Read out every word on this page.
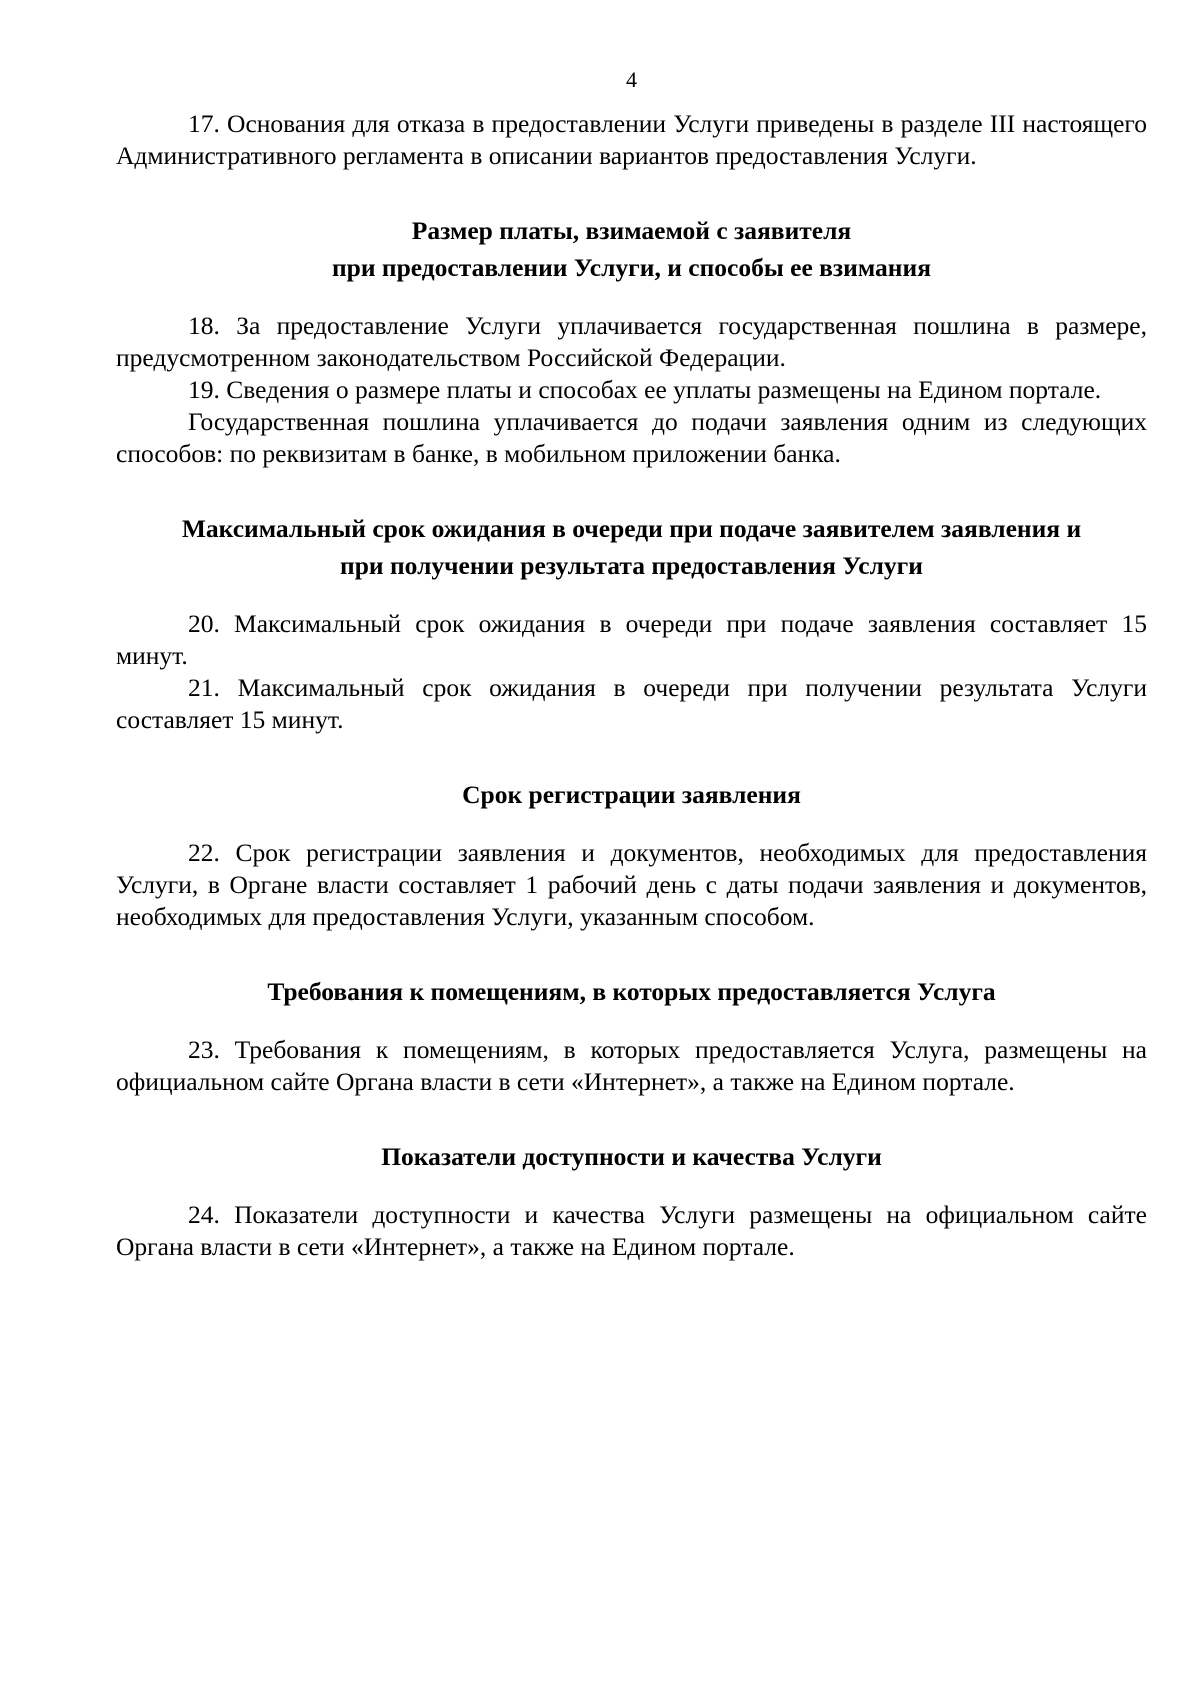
4

17. Основания для отказа в предоставлении Услуги приведены в разделе III настоящего Административного регламента в описании вариантов предоставления Услуги.

Размер платы, взимаемой с заявителя
при предоставлении Услуги, и способы ее взимания

18. За предоставление Услуги уплачивается государственная пошлина в размере, предусмотренном законодательством Российской Федерации.

19. Сведения о размере платы и способах ее уплаты размещены на Едином портале.

Государственная пошлина уплачивается до подачи заявления одним из следующих способов: по реквизитам в банке, в мобильном приложении банка.

Максимальный срок ожидания в очереди при подаче заявителем заявления и
при получении результата предоставления Услуги

20. Максимальный срок ожидания в очереди при подаче заявления составляет 15 минут.

21. Максимальный срок ожидания в очереди при получении результата Услуги составляет 15 минут.

Срок регистрации заявления

22. Срок регистрации заявления и документов, необходимых для предоставления Услуги, в Органе власти составляет 1 рабочий день с даты подачи заявления и документов, необходимых для предоставления Услуги, указанным способом.

Требования к помещениям, в которых предоставляется Услуга

23. Требования к помещениям, в которых предоставляется Услуга, размещены на официальном сайте Органа власти в сети «Интернет», а также на Едином портале.

Показатели доступности и качества Услуги

24. Показатели доступности и качества Услуги размещены на официальном сайте Органа власти в сети «Интернет», а также на Едином портале.
